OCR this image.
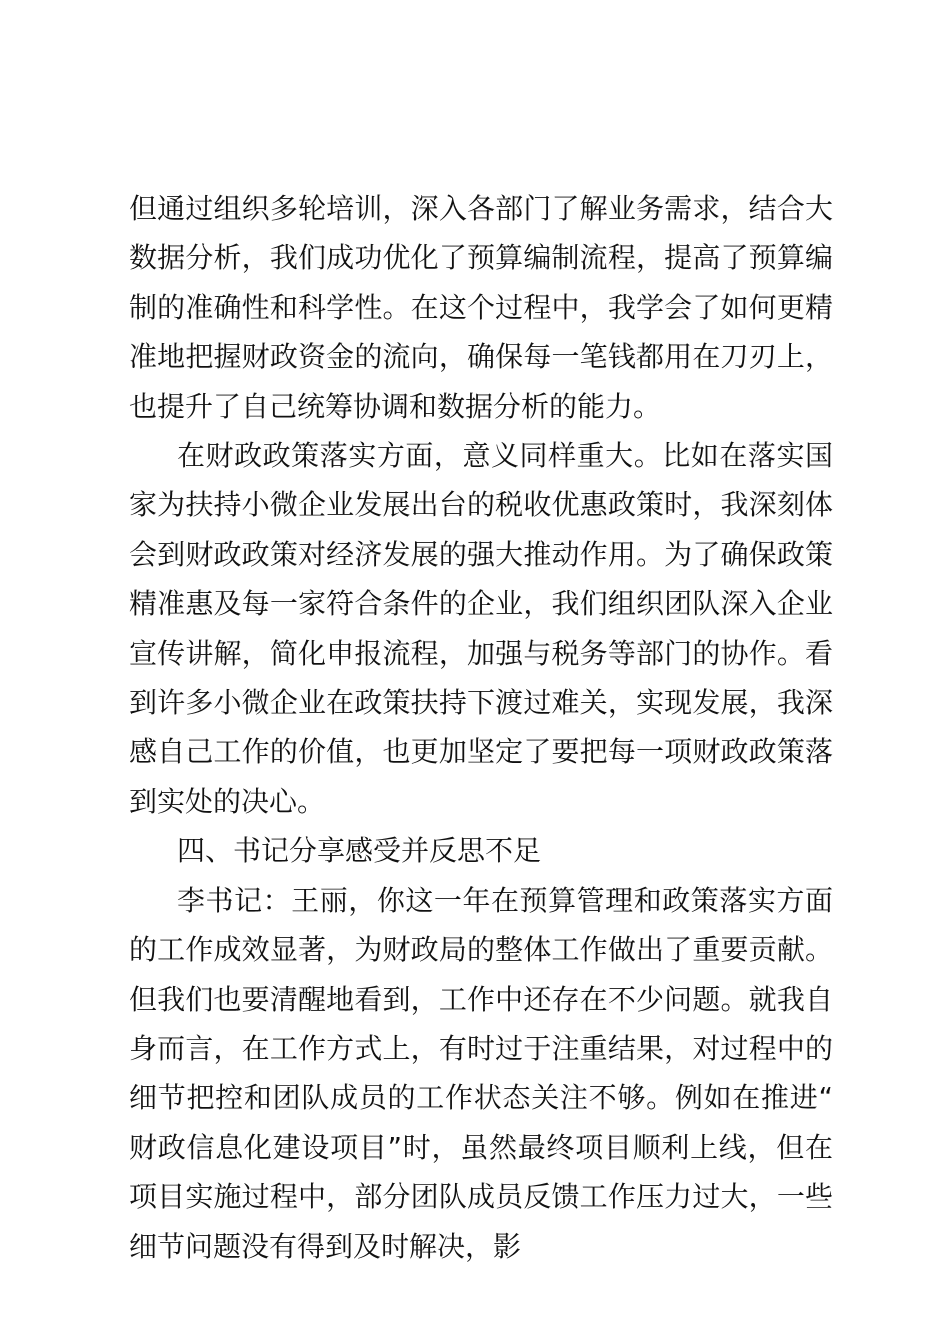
但通过组织多轮培训，深入各部门了解业务需求，结合大数据分析，我们成功优化了预算编制流程，提高了预算编制的准确性和科学性。在这个过程中，我学会了如何更精准地把握财政资金的流向，确保每一笔钱都用在刀刃上，也提升了自己统筹协调和数据分析的能力。

在财政政策落实方面，意义同样重大。比如在落实国家为扶持小微企业发展出台的税收优惠政策时，我深刻体会到财政政策对经济发展的强大推动作用。为了确保政策精准惠及每一家符合条件的企业，我们组织团队深入企业宣传讲解，简化申报流程，加强与税务等部门的协作。看到许多小微企业在政策扶持下渡过难关，实现发展，我深感自己工作的价值，也更加坚定了要把每一项财政政策落到实处的决心。

四、书记分享感受并反思不足

李书记：王丽，你这一年在预算管理和政策落实方面的工作成效显著，为财政局的整体工作做出了重要贡献。但我们也要清醒地看到，工作中还存在不少问题。就我自身而言，在工作方式上，有时过于注重结果，对过程中的细节把控和团队成员的工作状态关注不够。例如在推进“财政信息化建设项目”时，虽然最终项目顺利上线，但在项目实施过程中，部分团队成员反馈工作压力过大，一些细节问题没有得到及时解决，影
